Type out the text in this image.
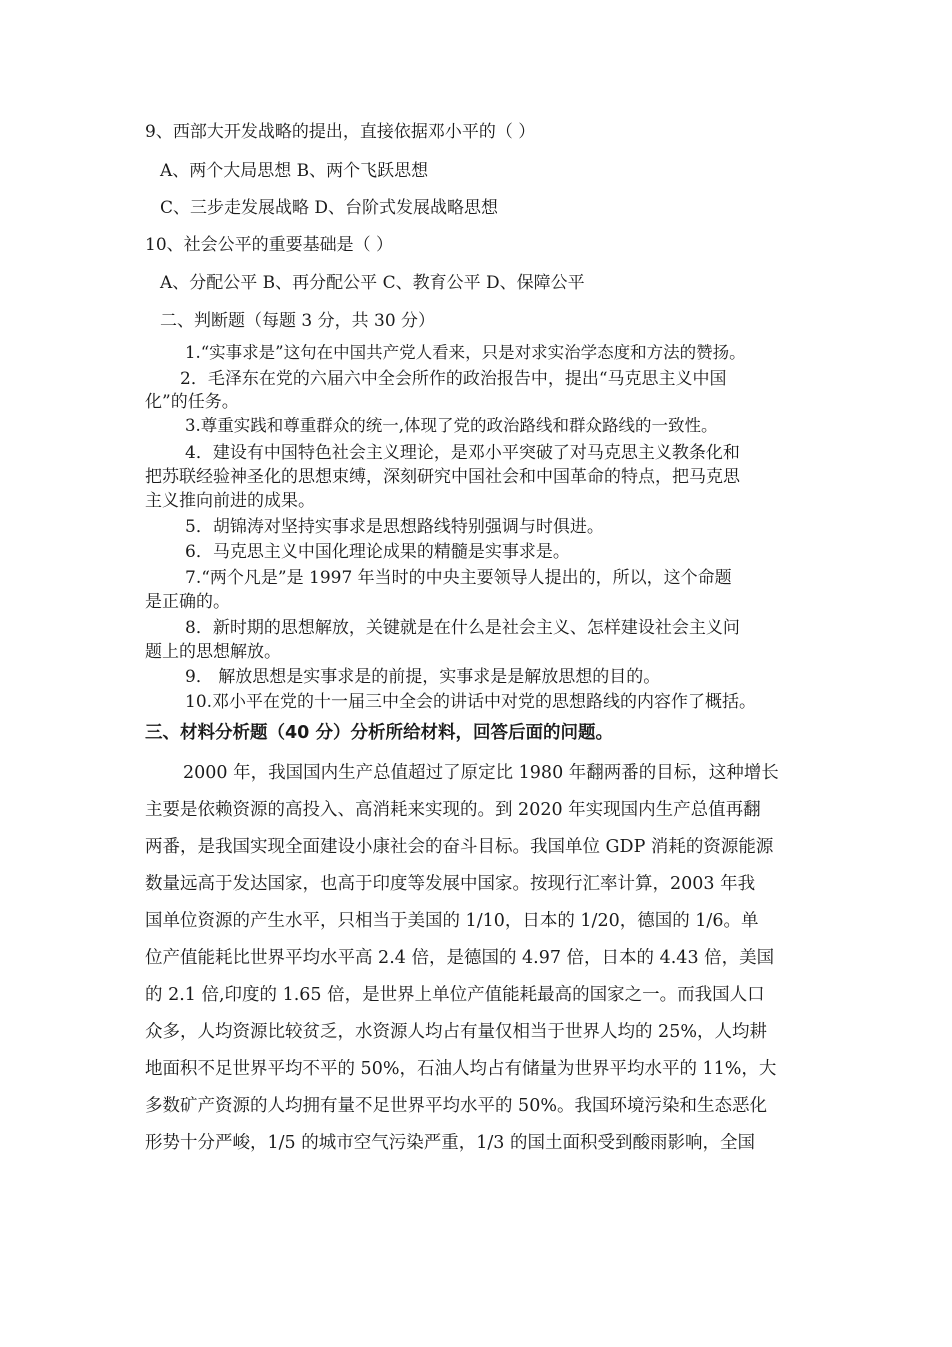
9、西部大开发战略的提出，直接依据邓小平的（ ）
A、两个大局思想 B、两个飞跃思想
C、三步走发展战略 D、台阶式发展战略思想
10、社会公平的重要基础是（ ）
A、分配公平 B、再分配公平 C、教育公平 D、保障公平
二、判断题（每题 3 分，共 30 分）
1.“实事求是”这句在中国共产党人看来，只是对求实治学态度和方法的赞扬。
2．毛泽东在党的六届六中全会所作的政治报告中，提出“马克思主义中国
化”的任务。
3.尊重实践和尊重群众的统一,体现了党的政治路线和群众路线的一致性。
4．建设有中国特色社会主义理论，是邓小平突破了对马克思主义教条化和
把苏联经验神圣化的思想束缚，深刻研究中国社会和中国革命的特点，把马克思
主义推向前进的成果。
5．胡锦涛对坚持实事求是思想路线特别强调与时俱进。
6．马克思主义中国化理论成果的精髓是实事求是。
7.“两个凡是”是 1997 年当时的中央主要领导人提出的，所以，这个命题
是正确的。
8．新时期的思想解放，关键就是在什么是社会主义、怎样建设社会主义问
题上的思想解放。
9． 解放思想是实事求是的前提，实事求是是解放思想的目的。
10.邓小平在党的十一届三中全会的讲话中对党的思想路线的内容作了概括。
三、材料分析题（40 分）分析所给材料，回答后面的问题。
2000 年，我国国内生产总值超过了原定比 1980 年翻两番的目标，这种增长
主要是依赖资源的高投入、高消耗来实现的。到 2020 年实现国内生产总值再翻
两番，是我国实现全面建设小康社会的奋斗目标。我国单位 GDP 消耗的资源能源
数量远高于发达国家，也高于印度等发展中国家。按现行汇率计算，2003 年我
国单位资源的产生水平，只相当于美国的 1/10，日本的 1/20，德国的 1/6。单
位产值能耗比世界平均水平高 2.4 倍，是德国的 4.97 倍，日本的 4.43 倍，美国
的 2.1 倍,印度的 1.65 倍，是世界上单位产值能耗最高的国家之一。而我国人口
众多，人均资源比较贫乏，水资源人均占有量仅相当于世界人均的 25%，人均耕
地面积不足世界平均不平的 50%，石油人均占有储量为世界平均水平的 11%，大
多数矿产资源的人均拥有量不足世界平均水平的 50%。我国环境污染和生态恶化
形势十分严峻，1/5 的城市空气污染严重，1/3 的国土面积受到酸雨影响，全国
